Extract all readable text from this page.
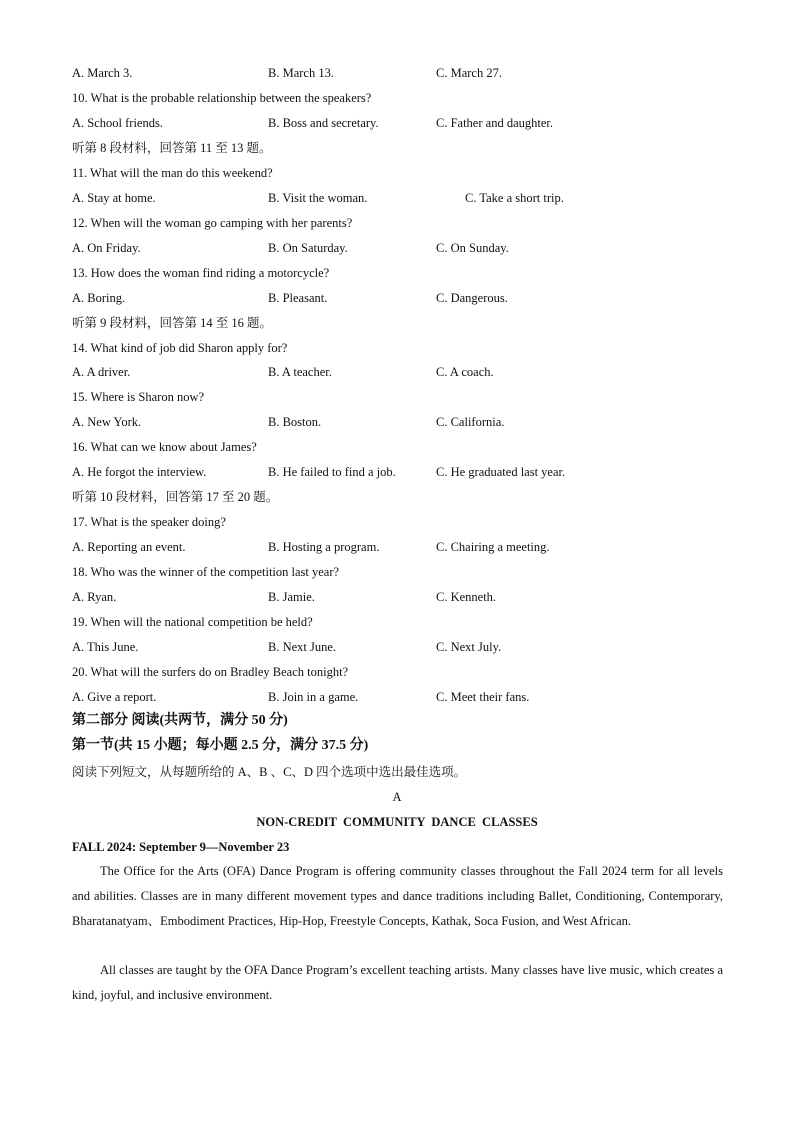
A. March 3.	B. March 13.	C. March 27.
10. What is the probable relationship between the speakers?
A. School friends.	B. Boss and secretary.	C. Father and daughter.
听第 8 段材料，回答第 11 至 13 题。
11. What will the man do this weekend?
A. Stay at home.	B. Visit the woman.	C. Take a short trip.
12. When will the woman go camping with her parents?
A. On Friday.	B. On Saturday.	C. On Sunday.
13. How does the woman find riding a motorcycle?
A. Boring.	B. Pleasant.	C. Dangerous.
听第 9 段材料，回答第 14 至 16 题。
14. What kind of job did Sharon apply for?
A. A driver.	B. A teacher.	C. A coach.
15. Where is Sharon now?
A. New York.	B. Boston.	C. California.
16. What can we know about James?
A. He forgot the interview.	B. He failed to find a job.	C. He graduated last year.
听第 10 段材料，回答第 17 至 20 题。
17. What is the speaker doing?
A. Reporting an event.	B. Hosting a program.	C. Chairing a meeting.
18. Who was the winner of the competition last year?
A. Ryan.	B. Jamie.	C. Kenneth.
19. When will the national competition be held?
A. This June.	B. Next June.	C. Next July.
20. What will the surfers do on Bradley Beach tonight?
A. Give a report.	B. Join in a game.	C. Meet their fans.
第二部分 阅读(共两节，满分 50 分)
第一节(共 15 小题；每小题 2.5 分，满分 37.5 分)
阅读下列短文，从每题所给的 A、B 、C、D 四个选项中选出最佳选项。
A
NON-CREDIT  COMMUNITY  DANCE  CLASSES
FALL 2024: September 9—November 23

The Office for the Arts (OFA) Dance Program is offering community classes throughout the Fall 2024 term for all levels and abilities. Classes are in many different movement types and dance traditions including Ballet, Conditioning, Contemporary, Bharatanatyam、Embodiment Practices, Hip-Hop, Freestyle Concepts, Kathak, Soca Fusion, and West African.

All classes are taught by the OFA Dance Program’s excellent teaching artists. Many classes have live music, which creates a kind, joyful, and inclusive environment.
